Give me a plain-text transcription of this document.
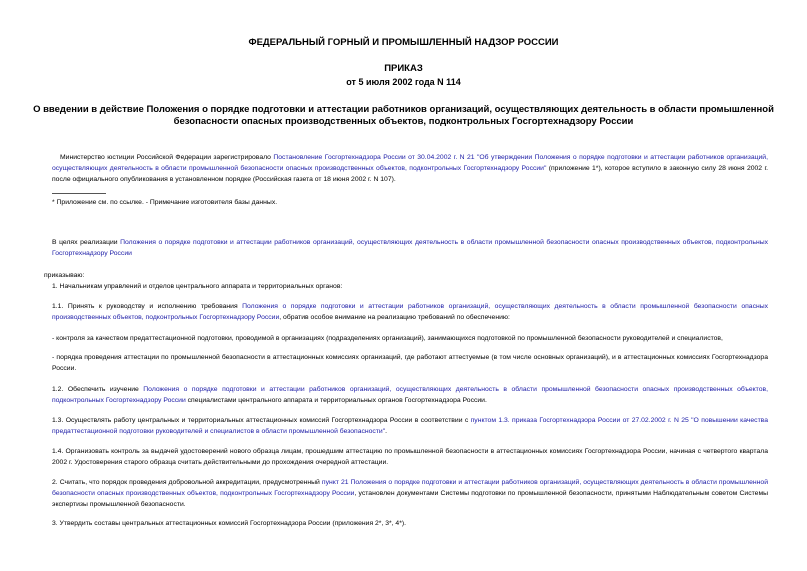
ФЕДЕРАЛЬНЫЙ ГОРНЫЙ И ПРОМЫШЛЕННЫЙ НАДЗОР РОССИИ
ПРИКАЗ
от 5 июля 2002 года N 114
О введении в действие Положения о порядке подготовки и аттестации работников организаций, осуществляющих деятельность в области промышленной безопасности опасных производственных объектов, подконтрольных Госгортехнадзору России
Министерство юстиции Российской Федерации зарегистрировало Постановление Госгортехнадзора России от 30.04.2002 г. N 21 "Об утверждении Положения о порядке подготовки и аттестации работников организаций, осуществляющих деятельность в области промышленной безопасности опасных производственных объектов, подконтрольных Госгортехнадзору России" (приложение 1*), которое вступило в законную силу 28 июня 2002 г. после официального опубликования в установленном порядке (Российская газета от 18 июня 2002 г. N 107).
* Приложение см. по ссылке. - Примечание изготовителя базы данных.
В целях реализации Положения о порядке подготовки и аттестации работников организаций, осуществляющих деятельность в области промышленной безопасности опасных производственных объектов, подконтрольных Госгортехнадзору России
приказываю:
1. Начальникам управлений и отделов центрального аппарата и территориальных органов:
1.1. Принять к руководству и исполнению требования Положения о порядке подготовки и аттестации работников организаций, осуществляющих деятельность в области промышленной безопасности опасных производственных объектов, подконтрольных Госгортехнадзору России, обратив особое внимание на реализацию требований по обеспечению:
- контроля за качеством предаттестационной подготовки, проводимой в организациях (подразделениях организаций), занимающихся подготовкой по промышленной безопасности руководителей и специалистов,
- порядка проведения аттестации по промышленной безопасности в аттестационных комиссиях организаций, где работают аттестуемые (в том числе основных организаций), и в аттестационных комиссиях Госгортехнадзора России.
1.2. Обеспечить изучение Положения о порядке подготовки и аттестации работников организаций, осуществляющих деятельность в области промышленной безопасности опасных производственных объектов, подконтрольных Госгортехнадзору России специалистами центрального аппарата и территориальных органов Госгортехнадзора России.
1.3. Осуществлять работу центральных и территориальных аттестационных комиссий Госгортехнадзора России в соответствии с пунктом 1.3. приказа Госгортехнадзора России от 27.02.2002 г. N 25 "О повышении качества предаттестационной подготовки руководителей и специалистов в области промышленной безопасности".
1.4. Организовать контроль за выдачей удостоверений нового образца лицам, прошедшим аттестацию по промышленной безопасности в аттестационных комиссиях Госгортехнадзора России, начиная с четвертого квартала 2002 г. Удостоверения старого образца считать действительными до прохождения очередной аттестации.
2. Считать, что порядок проведения добровольной аккредитации, предусмотренный пункт 21 Положения о порядке подготовки и аттестации работников организаций, осуществляющих деятельность в области промышленной безопасности опасных производственных объектов, подконтрольных Госгортехнадзору России, установлен документами Системы подготовки по промышленной безопасности, принятыми Наблюдательным советом Системы экспертизы промышленной безопасности.
3. Утвердить составы центральных аттестационных комиссий Госгортехнадзора России (приложения 2*, 3*, 4*).
